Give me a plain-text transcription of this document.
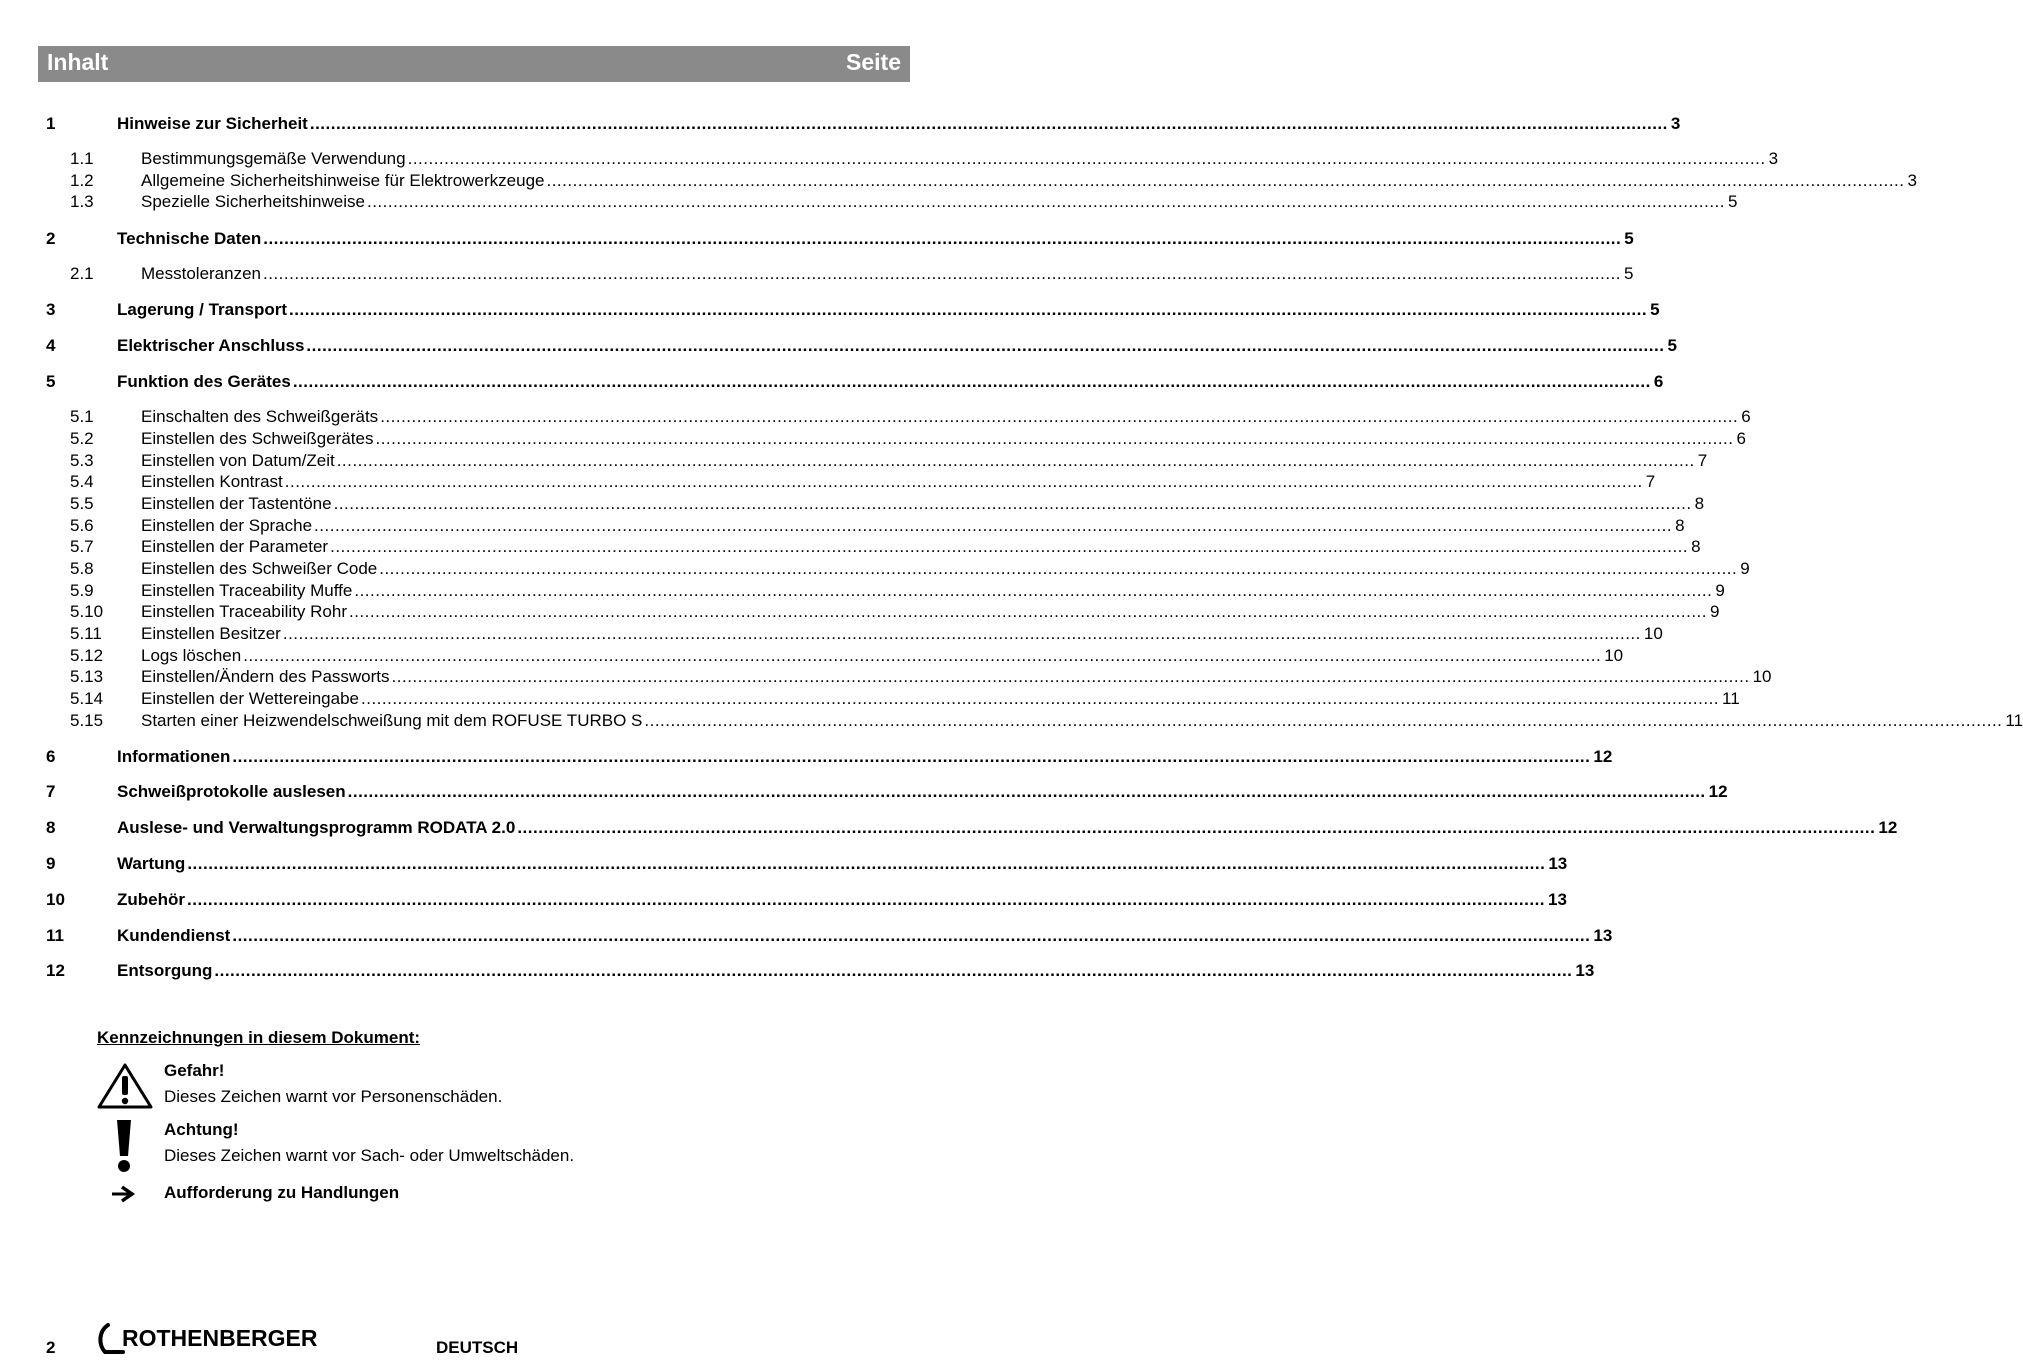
Inhalt	Seite
1	Hinweise zur Sicherheit .................................................................................................................................................................................................................................................................... 3
1.1	Bestimmungsgemäße Verwendung .................................................................................................................................................................................................................................................................... 3
1.2	Allgemeine Sicherheitshinweise für Elektrowerkzeuge .................................................................................................................................................................................................................................................................... 3
1.3	Spezielle Sicherheitshinweise .................................................................................................................................................................................................................................................................... 5
2	Technische Daten .................................................................................................................................................................................................................................................................... 5
2.1	Messtoleranzen .................................................................................................................................................................................................................................................................... 5
3	Lagerung / Transport .................................................................................................................................................................................................................................................................... 5
4	Elektrischer Anschluss .................................................................................................................................................................................................................................................................... 5
5	Funktion des Gerätes .................................................................................................................................................................................................................................................................... 6
5.1	Einschalten des Schweißgeräts .................................................................................................................................................................................................................................................................... 6
5.2	Einstellen des Schweißgerätes .................................................................................................................................................................................................................................................................... 6
5.3	Einstellen von Datum/Zeit .................................................................................................................................................................................................................................................................... 7
5.4	Einstellen Kontrast .................................................................................................................................................................................................................................................................... 7
5.5	Einstellen der Tastentöne .................................................................................................................................................................................................................................................................... 8
5.6	Einstellen der Sprache .................................................................................................................................................................................................................................................................... 8
5.7	Einstellen der Parameter .................................................................................................................................................................................................................................................................... 8
5.8	Einstellen des Schweißer Code .................................................................................................................................................................................................................................................................... 9
5.9	Einstellen Traceability Muffe .................................................................................................................................................................................................................................................................... 9
5.10 Einstellen Traceability Rohr .................................................................................................................................................................................................................................................................... 9
5.11 Einstellen Besitzer .................................................................................................................................................................................................................................................................... 10
5.12 Logs löschen .................................................................................................................................................................................................................................................................... 10
5.13 Einstellen/Ändern des Passworts .................................................................................................................................................................................................................................................................... 10
5.14 Einstellen der Wettereingabe .................................................................................................................................................................................................................................................................... 11
5.15 Starten einer Heizwendelschweißung mit dem ROFUSE TURBO S .................................................................................................................................................................................................................................................................... 11
6	Informationen .................................................................................................................................................................................................................................................................... 12
7	Schweißprotokolle auslesen .................................................................................................................................................................................................................................................................... 12
8	Auslese- und Verwaltungsprogramm RODATA 2.0 .................................................................................................................................................................................................................................................................... 12
9	Wartung .................................................................................................................................................................................................................................................................... 13
10	Zubehör .................................................................................................................................................................................................................................................................... 13
11	Kundendienst .................................................................................................................................................................................................................................................................... 13
12	Entsorgung .................................................................................................................................................................................................................................................................... 13
Kennzeichnungen in diesem Dokument:
Gefahr!
Dieses Zeichen warnt vor Personenschäden.
Achtung!
Dieses Zeichen warnt vor Sach- oder Umweltschäden.
Aufforderung zu Handlungen
2	ROTHENBERGER	DEUTSCH
